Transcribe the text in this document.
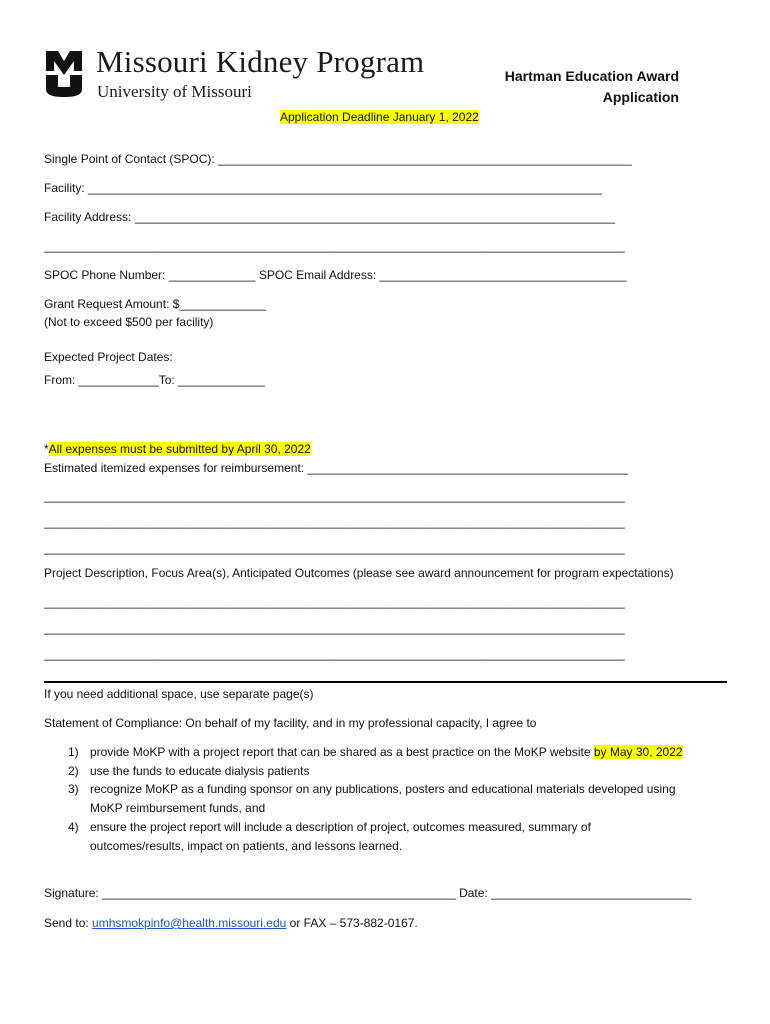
Missouri Kidney Program
University of Missouri
Hartman Education Award
Application
Application Deadline January 1, 2022
Single Point of Contact (SPOC): ______________________________________________________________
Facility: _____________________________________________________________________________
Facility Address: ________________________________________________________________________
_______________________________________________________________________________________
SPOC Phone Number: _____________ SPOC Email Address: _____________________________________
Grant Request Amount: $_____________
(Not to exceed $500 per facility)
Expected Project Dates:
From: ____________To: _____________
*All expenses must be submitted by April 30, 2022
Estimated itemized expenses for reimbursement: ________________________________________________
_______________________________________________________________________________________
_______________________________________________________________________________________
_______________________________________________________________________________________
Project Description, Focus Area(s), Anticipated Outcomes (please see award announcement for program expectations)
_______________________________________________________________________________________
_______________________________________________________________________________________
_______________________________________________________________________________________
If you need additional space, use separate page(s)
Statement of Compliance: On behalf of my facility, and in my professional capacity, I agree to
1) provide MoKP with a project report that can be shared as a best practice on the MoKP website by May 30, 2022
2) use the funds to educate dialysis patients
3) recognize MoKP as a funding sponsor on any publications, posters and educational materials developed using
MoKP reimbursement funds, and
4) ensure the project report will include a description of project, outcomes measured, summary of
outcomes/results, impact on patients, and lessons learned.
Signature: _____________________________________________________ Date: ______________________________
Send to: umhsmokpinfo@health.missouri.edu or FAX – 573-882-0167.
